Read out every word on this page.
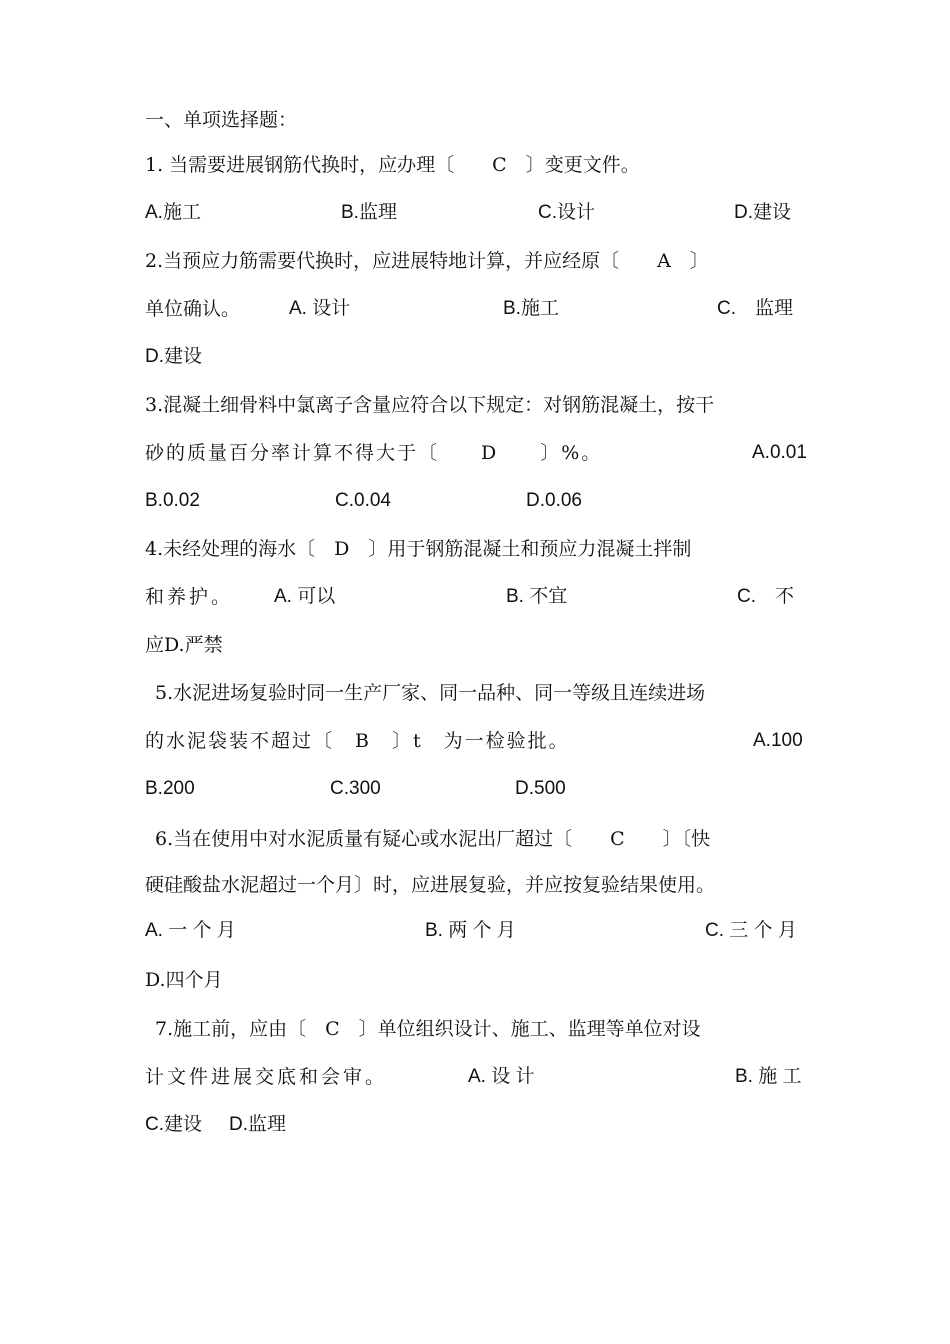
一、单项选择题：
1. 当需要进展钢筋代换时，应办理〔　　C　〕变更文件。

A.施工

	B.监理

	C.设计

	D.建设

2.当预应力筋需要代换时，应进展特地计算，并应经原〔　　A　〕

单位确认。

	A. 设计

	B.施工

	C.　监理

D.建设
3.混凝土细骨料中氯离子含量应符合以下规定：对钢筋混凝土，按干

砂的质量百分率计算不得大于〔　　D　　〕%。

	A.0.01

B.0.02

	C.0.04

	D.0.06

4.未经处理的海水〔　D　〕用于钢筋混凝土和预应力混凝土拌制

和养护。

A. 可以

	B. 不宜

	C.　不

应D.严禁
5.水泥进场复验时同一生产厂家、同一品种、同一等级且连续进场

的水泥袋装不超过〔　B　〕t　为一检验批。

	A.100

B.200

	C.300

	D.500

6.当在使用中对水泥质量有疑心或水泥出厂超过〔　　C　　〕〔快
硬硅酸盐水泥超过一个月〕时，应进展复验，并应按复验结果使用。

A. 一 个 月

	B. 两 个 月

	C. 三 个 月

D.四个月
7.施工前，应由〔　C　〕单位组织设计、施工、监理等单位对设

计文件进展交底和会审。

	A. 设 计

	B. 施 工

C.建设

D.监理
